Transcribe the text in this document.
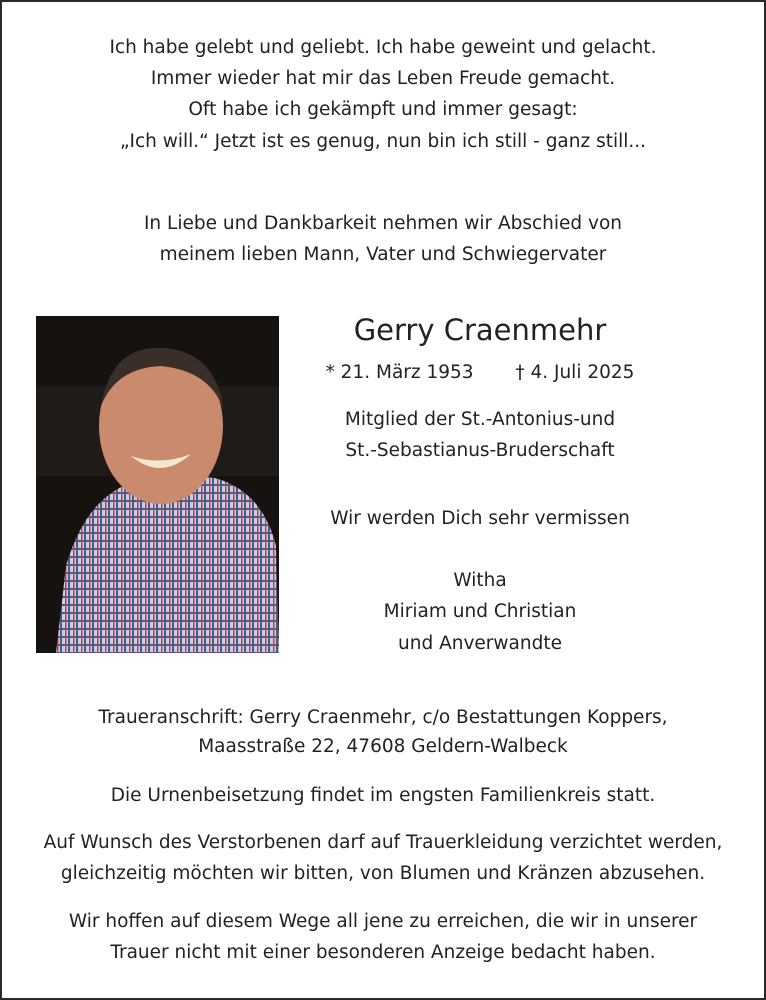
Ich habe gelebt und geliebt. Ich habe geweint und gelacht.
Immer wieder hat mir das Leben Freude gemacht.
Oft habe ich gekämpft und immer gesagt:
„Ich will.“ Jetzt ist es genug, nun bin ich still - ganz still...
In Liebe und Dankbarkeit nehmen wir Abschied von
meinem lieben Mann, Vater und Schwiegervater
Gerry Craenmehr
* 21. März 1953 † 4. Juli 2025
Mitglied der St.-Antonius-und
St.-Sebastianus-Bruderschaft
Wir werden Dich sehr vermissen
Witha
Miriam und Christian
und Anverwandte
Traueranschrift: Gerry Craenmehr, c/o Bestattungen Koppers,
Maasstraße 22, 47608 Geldern-Walbeck
Die Urnenbeisetzung findet im engsten Familienkreis statt.
Auf Wunsch des Verstorbenen darf auf Trauerkleidung verzichtet werden,
gleichzeitig möchten wir bitten, von Blumen und Kränzen abzusehen.
Wir hoffen auf diesem Wege all jene zu erreichen, die wir in unserer
Trauer nicht mit einer besonderen Anzeige bedacht haben.
